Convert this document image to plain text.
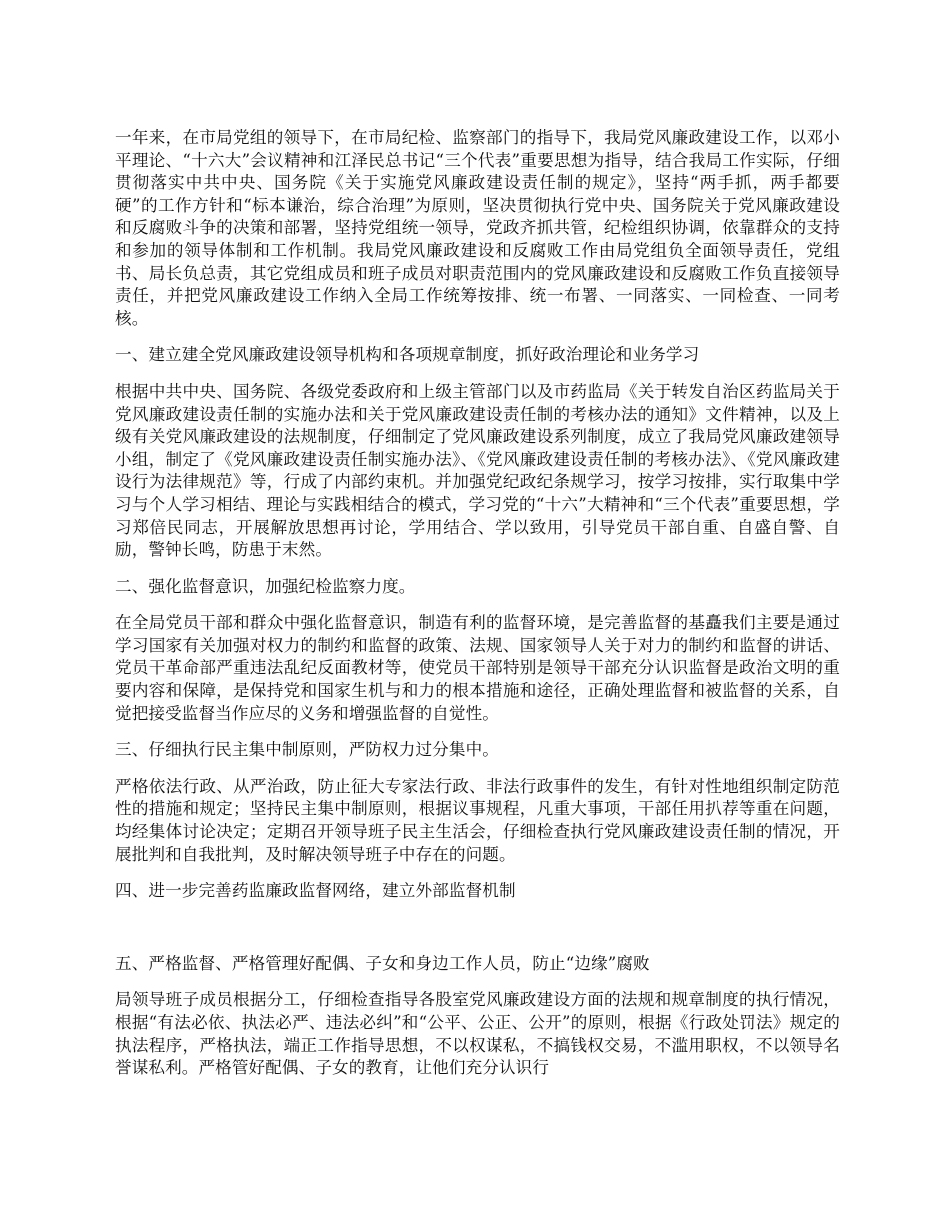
一年来，在市局党组的领导下，在市局纪检、监察部门的指导下，我局党风廉政建设工作，以邓小平理论、“十六大”会议精神和江泽民总书记“三个代表”重要思想为指导，结合我局工作实际，仔细贯彻落实中共中央、国务院《关于实施党风廉政建设责任制的规定》，坚持“两手抓，两手都要硬”的工作方针和“标本谦治，综合治理”为原则，坚决贯彻执行党中央、国务院关于党风廉政建设和反腐败斗争的决策和部署，坚持党组统一领导，党政齐抓共管，纪检组织协调，依靠群众的支持和参加的领导体制和工作机制。我局党风廉政建设和反腐败工作由局党组负全面领导责任，党组书、局长负总责，其它党组成员和班子成员对职责范围内的党风廉政建设和反腐败工作负直接领导责任，并把党风廉政建设工作纳入全局工作统筹按排、统一布署、一同落实、一同检查、一同考核。

一、建立建全党风廉政建设领导机构和各项规章制度，抓好政治理论和业务学习

根据中共中央、国务院、各级党委政府和上级主管部门以及市药监局《关于转发自治区药监局关于党风廉政建设责任制的实施办法和关于党风廉政建设责任制的考核办法的通知》文件精神，以及上级有关党风廉政建设的法规制度，仔细制定了党风廉政建设系列制度，成立了我局党风廉政建领导小组，制定了《党风廉政建设责任制实施办法》、《党风廉政建设责任制的考核办法》、《党风廉政建设行为法律规范》等，行成了内部约束机。并加强党纪政纪条规学习，按学习按排，实行取集中学习与个人学习相结、理论与实践相结合的模式，学习党的“十六”大精神和“三个代表”重要思想，学习郑倍民同志，开展解放思想再讨论，学用结合、学以致用，引导党员干部自重、自盛自警、自励，警钟长鸣，防患于末然。

二、强化监督意识，加强纪检监察力度。

在全局党员干部和群众中强化监督意识，制造有利的监督环境，是完善监督的基矗我们主要是通过学习国家有关加强对权力的制约和监督的政策、法规、国家领导人关于对力的制约和监督的讲话、党员干革命部严重违法乱纪反面教材等，使党员干部特别是领导干部充分认识监督是政治文明的重要内容和保障，是保持党和国家生机与和力的根本措施和途径，正确处理监督和被监督的关系，自觉把接受监督当作应尽的义务和增强监督的自觉性。

三、仔细执行民主集中制原则，严防权力过分集中。

严格依法行政、从严治政，防止征大专家法行政、非法行政事件的发生，有针对性地组织制定防范性的措施和规定；坚持民主集中制原则，根据议事规程，凡重大事项，干部任用扒荐等重在问题，均经集体讨论决定；定期召开领导班子民主生活会，仔细检查执行党风廉政建设责任制的情况，开展批判和自我批判，及时解决领导班子中存在的问题。

四、进一步完善药监廉政监督网络，建立外部监督机制

五、严格监督、严格管理好配偶、子女和身边工作人员，防止“边缘”腐败

局领导班子成员根据分工，仔细检查指导各股室党风廉政建设方面的法规和规章制度的执行情况，根据“有法必依、执法必严、违法必纠”和“公平、公正、公开”的原则，根据《行政处罚法》规定的执法程序，严格执法，端正工作指导思想，不以权谋私，不搞钱权交易，不滥用职权，不以领导名誉谋私利。严格管好配偶、子女的教育，让他们充分认识行
